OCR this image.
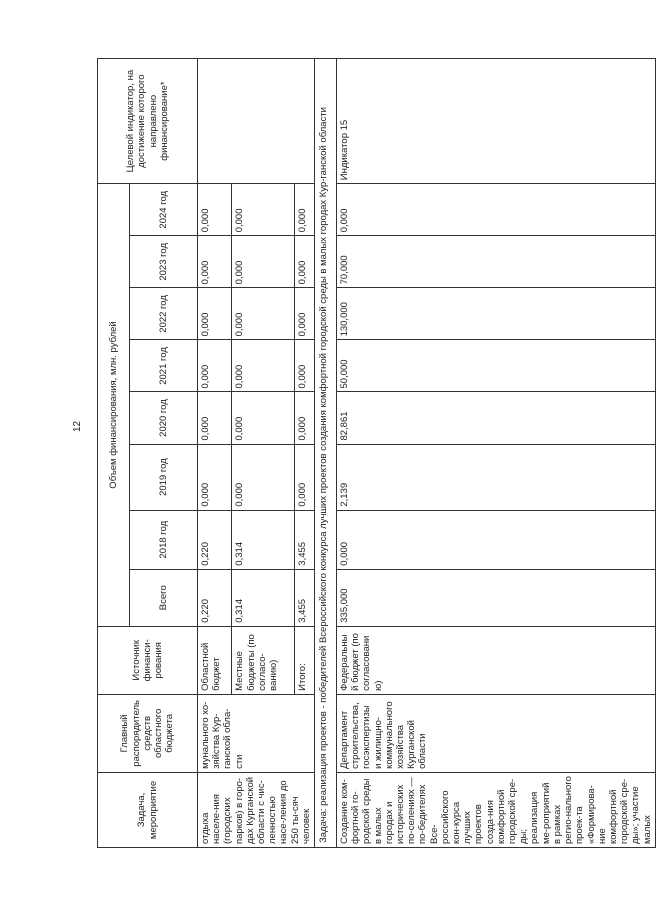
12
Задача, мероприятие	Главный распорядитель средств областного бюджета	Источник финанси-рования	Объем финансирования, млн. рублей								Целевой индикатор, на достижение которого направлено финансирование*
			Всего	2018 год	2019 год	2020 год	2021 год	2022 год	2023 год	2024 год	
отдыха населе-ния (городских парков) в горо-дах Курганской области с чис-ленностью насе-ления до 250 ты-сяч человек	мунального хо-зяйства Кур-ганской обла-сти	Областной бюджет	0,220	0,220	0,000	0,000	0,000	0,000	0,000	0,000	
		Местные бюджеты (по согласо-ванию)	0,314	0,314	0,000	0,000	0,000	0,000	0,000	0,000	
		Итого:	3,455	3,455	0,000	0,000	0,000	0,000	0,000	0,000	
Задача: реализация проектов - победителей Всероссийского конкурса лучших проектов создания комфортной городской среды в малых городах Кур-ганской области											
Создание ком-фортной го-родской среды в малых городах и исторических по-селениях — по-бедителях Все-российского кон-курса лучших проектов созда-ния комфортной городской сре-ды; реализация ме-роприятий в рамках регио-нального проек-та «Формирова-ние комфортной городской сре-ды»; участие малых	Департамент строительства, госэкспертизы и жилищно-коммунального хозяйства Курганской области	Федеральны й бюджет (по согласовани ю)	335,000	0,000	2,139	82,861	50,000	130,000	70,000	0,000	Индикатор 15
